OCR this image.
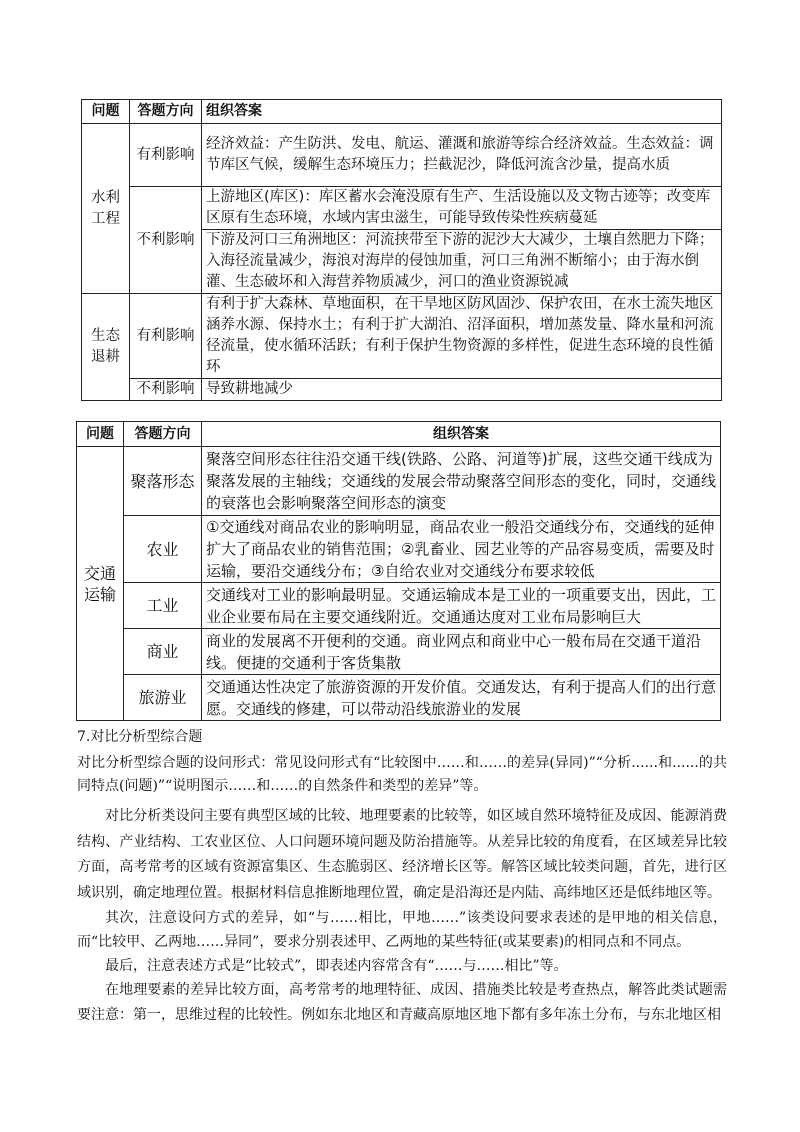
问题	答题方向	组织答案
水利工程	有利影响	经济效益：产生防洪、发电、航运、灌溉和旅游等综合经济效益。生态效益：调节库区气候，缓解生态环境压力；拦截泥沙，降低河流含沙量，提高水质
	不利影响	上游地区(库区)：库区蓄水会淹没原有生产、生活设施以及文物古迹等；改变库区原有生态环境，水域内害虫滋生，可能导致传染性疾病蔓延
		下游及河口三角洲地区：河流挟带至下游的泥沙大大减少，土壤自然肥力下降；入海径流量减少，海浪对海岸的侵蚀加重，河口三角洲不断缩小；由于海水倒灌、生态破坏和入海营养物质减少，河口的渔业资源锐减
生态退耕	有利影响	有利于扩大森林、草地面积，在干旱地区防风固沙、保护农田，在水土流失地区涵养水源、保持水土；有利于扩大湖泊、沼泽面积，增加蒸发量、降水量和河流径流量，使水循环活跃；有利于保护生物资源的多样性，促进生态环境的良性循环
	不利影响	导致耕地减少
问题	答题方向	组织答案
交通运输	聚落形态	聚落空间形态往往沿交通干线(铁路、公路、河道等)扩展，这些交通干线成为聚落发展的主轴线；交通线的发展会带动聚落空间形态的变化，同时，交通线的衰落也会影响聚落空间形态的演变
	农业	①交通线对商品农业的影响明显，商品农业一般沿交通线分布，交通线的延伸扩大了商品农业的销售范围；②乳畜业、园艺业等的产品容易变质，需要及时运输，要沿交通线分布；③自给农业对交通线分布要求较低
	工业	交通线对工业的影响最明显。交通运输成本是工业的一项重要支出，因此，工业企业要布局在主要交通线附近。交通通达度对工业布局影响巨大
	商业	商业的发展离不开便利的交通。商业网点和商业中心一般布局在交通干道沿线。便捷的交通利于客货集散
	旅游业	交通通达性决定了旅游资源的开发价值。交通发达，有利于提高人们的出行意愿。交通线的修建，可以带动沿线旅游业的发展

7.对比分析型综合题

对比分析型综合题的设问形式：常见设问形式有“比较图中……和……的差异(异同)”“分析......和......的共同特点(问题)”“说明图示……和……的自然条件和类型的差异”等。

对比分析类设问主要有典型区域的比较、地理要素的比较等，如区域自然环境特征及成因、能源消费结构、产业结构、工农业区位、人口问题环境问题及防治措施等。从差异比较的角度看，在区域差异比较方面，高考常考的区域有资源富集区、生态脆弱区、经济增长区等。解答区域比较类问题，首先，进行区域识别，确定地理位置。根据材料信息推断地理位置，确定是沿海还是内陆、高纬地区还是低纬地区等。

其次，注意设问方式的差异，如“与……相比，甲地……”该类设问要求表述的是甲地的相关信息，而“比较甲、乙两地……异同”，要求分别表述甲、乙两地的某些特征(或某要素)的相同点和不同点。

最后，注意表述方式是“比较式”，即表述内容常含有“……与……相比”等。

在地理要素的差异比较方面，高考常考的地理特征、成因、措施类比较是考查热点，解答此类试题需要注意：第一，思维过程的比较性。例如东北地区和青藏高原地区地下都有多年冻土分布，与东北地区相
